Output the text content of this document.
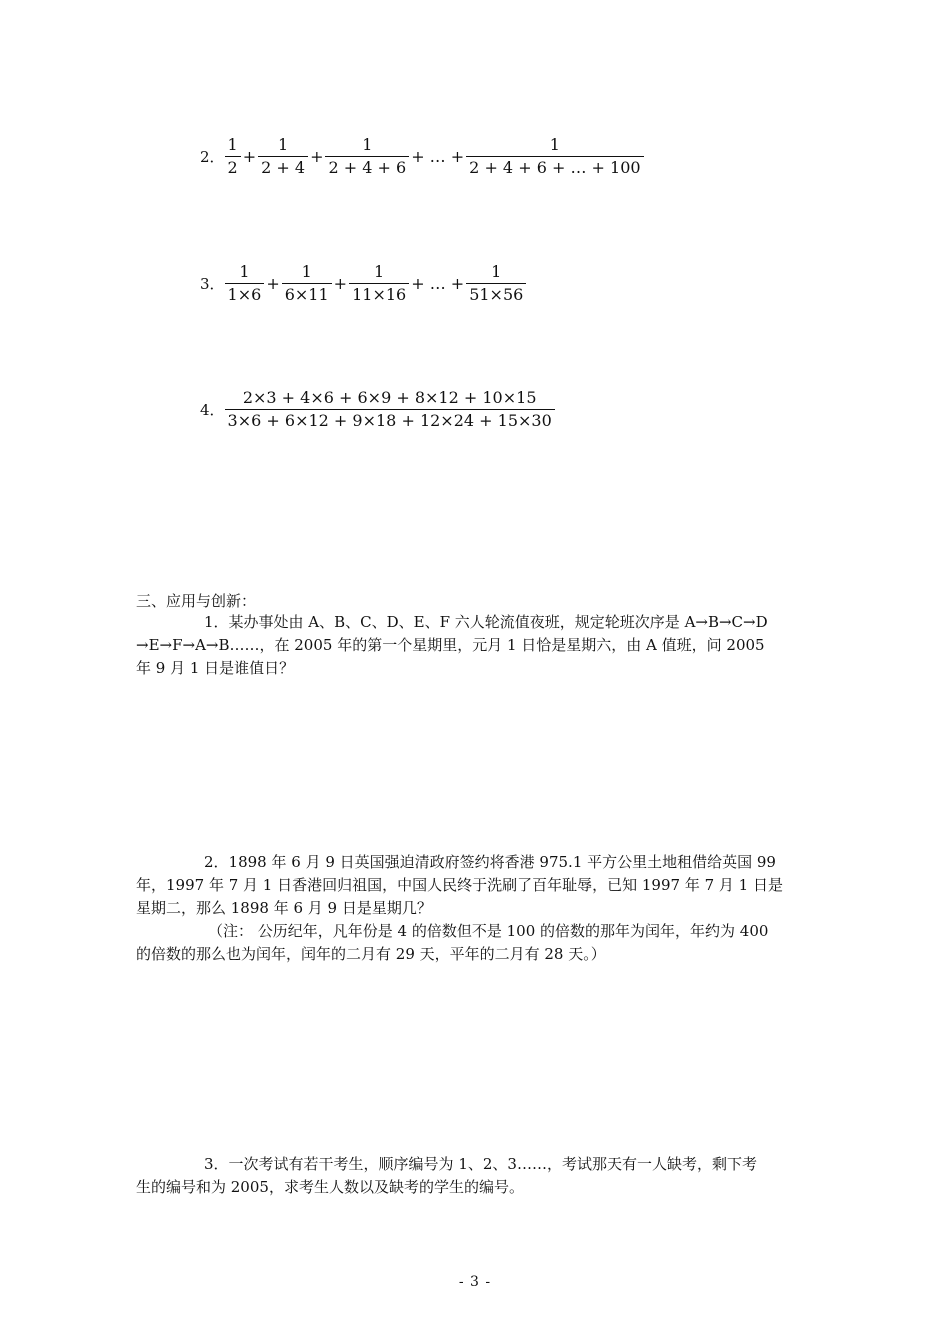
2． $\frac{1}{2} + \frac{1}{2 + 4} + \frac{1}{2 + 4 + 6}$ + … + $\frac{1}{2 + 4 + 6 + \dots + 100}$
3． $\frac{1}{1\times 6} + \frac{1}{6\times 11} + \frac{1}{11\times 16}$ + … + $\frac{1}{51\times 56}$
4． $\frac{2\times 3 + 4\times 6 + 6\times 9 + 8\times 12 + 10\times 15}{3\times 6 + 6\times 12 + 9\times 18 + 12\times 24 + 15\times 30}$
三、应用与创新：

1．某办事处由 A、B、C、D、E、F 六人轮流值夜班，规定轮班次序是 A→B→C→D

→E→F→A→B……，在 2005 年的第一个星期里，元月 1 日恰是星期六，由 A 值班，问 2005

年 9 月 1 日是谁值日？

2．1898 年 6 月 9 日英国强迫清政府签约将香港 975.1 平方公里土地租借给英国 99

年，1997 年 7 月 1 日香港回归祖国，中国人民终于洗刷了百年耻辱，已知 1997 年 7 月 1 日是

星期二，那么 1898 年 6 月 9 日是星期几？

（注： 公历纪年，凡年份是 4 的倍数但不是 100 的倍数的那年为闰年，年约为 400

的倍数的那么也为闰年，闰年的二月有 29 天，平年的二月有 28 天。）

3．一次考试有若干考生，顺序编号为 1、2、3……，考试那天有一人缺考，剩下考

生的编号和为 2005，求考生人数以及缺考的学生的编号。

- 3 -
